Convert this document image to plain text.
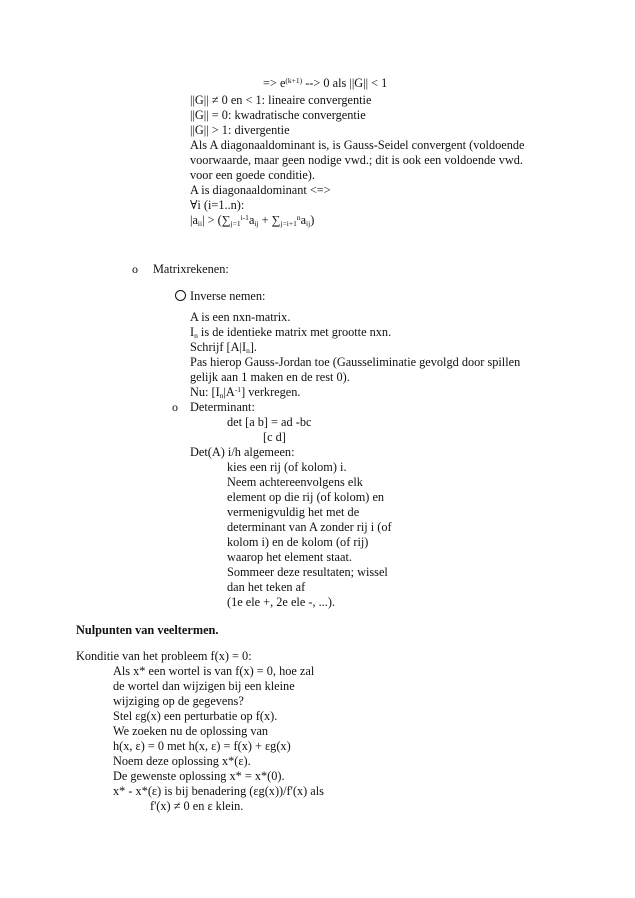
=> $e^{(k+1)}$ --> 0 als ||G|| < 1
||G|| ≠ 0 en < 1: lineaire convergentie
||G|| = 0: kwadratische convergentie
||G|| > 1: divergentie
Als A diagonaaldominant is, is Gauss-Seidel convergent (voldoende
voorwaarde, maar geen nodige vwd.; dit is ook een voldoende vwd.
voor een goede conditie).
A is diagonaaldominant <=>
∀i (i=1..n):
$|a_{ii}| > (\sum_{j=1}^{i-1}a_{ij} + \sum_{j=i+1}^na_{ij})$
o Matrixrekenen:
Inverse nemen:
A is een nxn-matrix.
$I_n$ is de identieke matrix met grootte nxn.
Schrijf $[A|I_n]$.
Pas hierop Gauss-Jordan toe (Gausseliminatie gevolgd door spillen
gelijk aan 1 maken en de rest 0).
Nu: $[I_n|A^{-1}]$ verkregen.
o Determinant:
det [a b] = ad -bc
[c d]
Det(A) i/h algemeen:
kies een rij (of kolom) i.
Neem achtereenvolgens elk
element op die rij (of kolom) en
vermenigvuldig het met de
determinant van A zonder rij i (of
kolom i) en de kolom (of rij)
waarop het element staat.
Sommeer deze resultaten; wissel
dan het teken af
(1e ele +, 2e ele -, ...).
Nulpunten van veeltermen.
Konditie van het probleem f(x) = 0:
Als x* een wortel is van f(x) = 0, hoe zal
de wortel dan wijzigen bij een kleine
wijziging op de gegevens?
Stel εg(x) een perturbatie op f(x).
We zoeken nu de oplossing van
h(x, ε) = 0 met h(x, ε) = f(x) + εg(x)
Noem deze oplossing x*(ε).
De gewenste oplossing x* = x*(0).
x* - x*(ε) is bij benadering (εg(x))/f'(x) als
f'(x) ≠ 0 en ε klein.
